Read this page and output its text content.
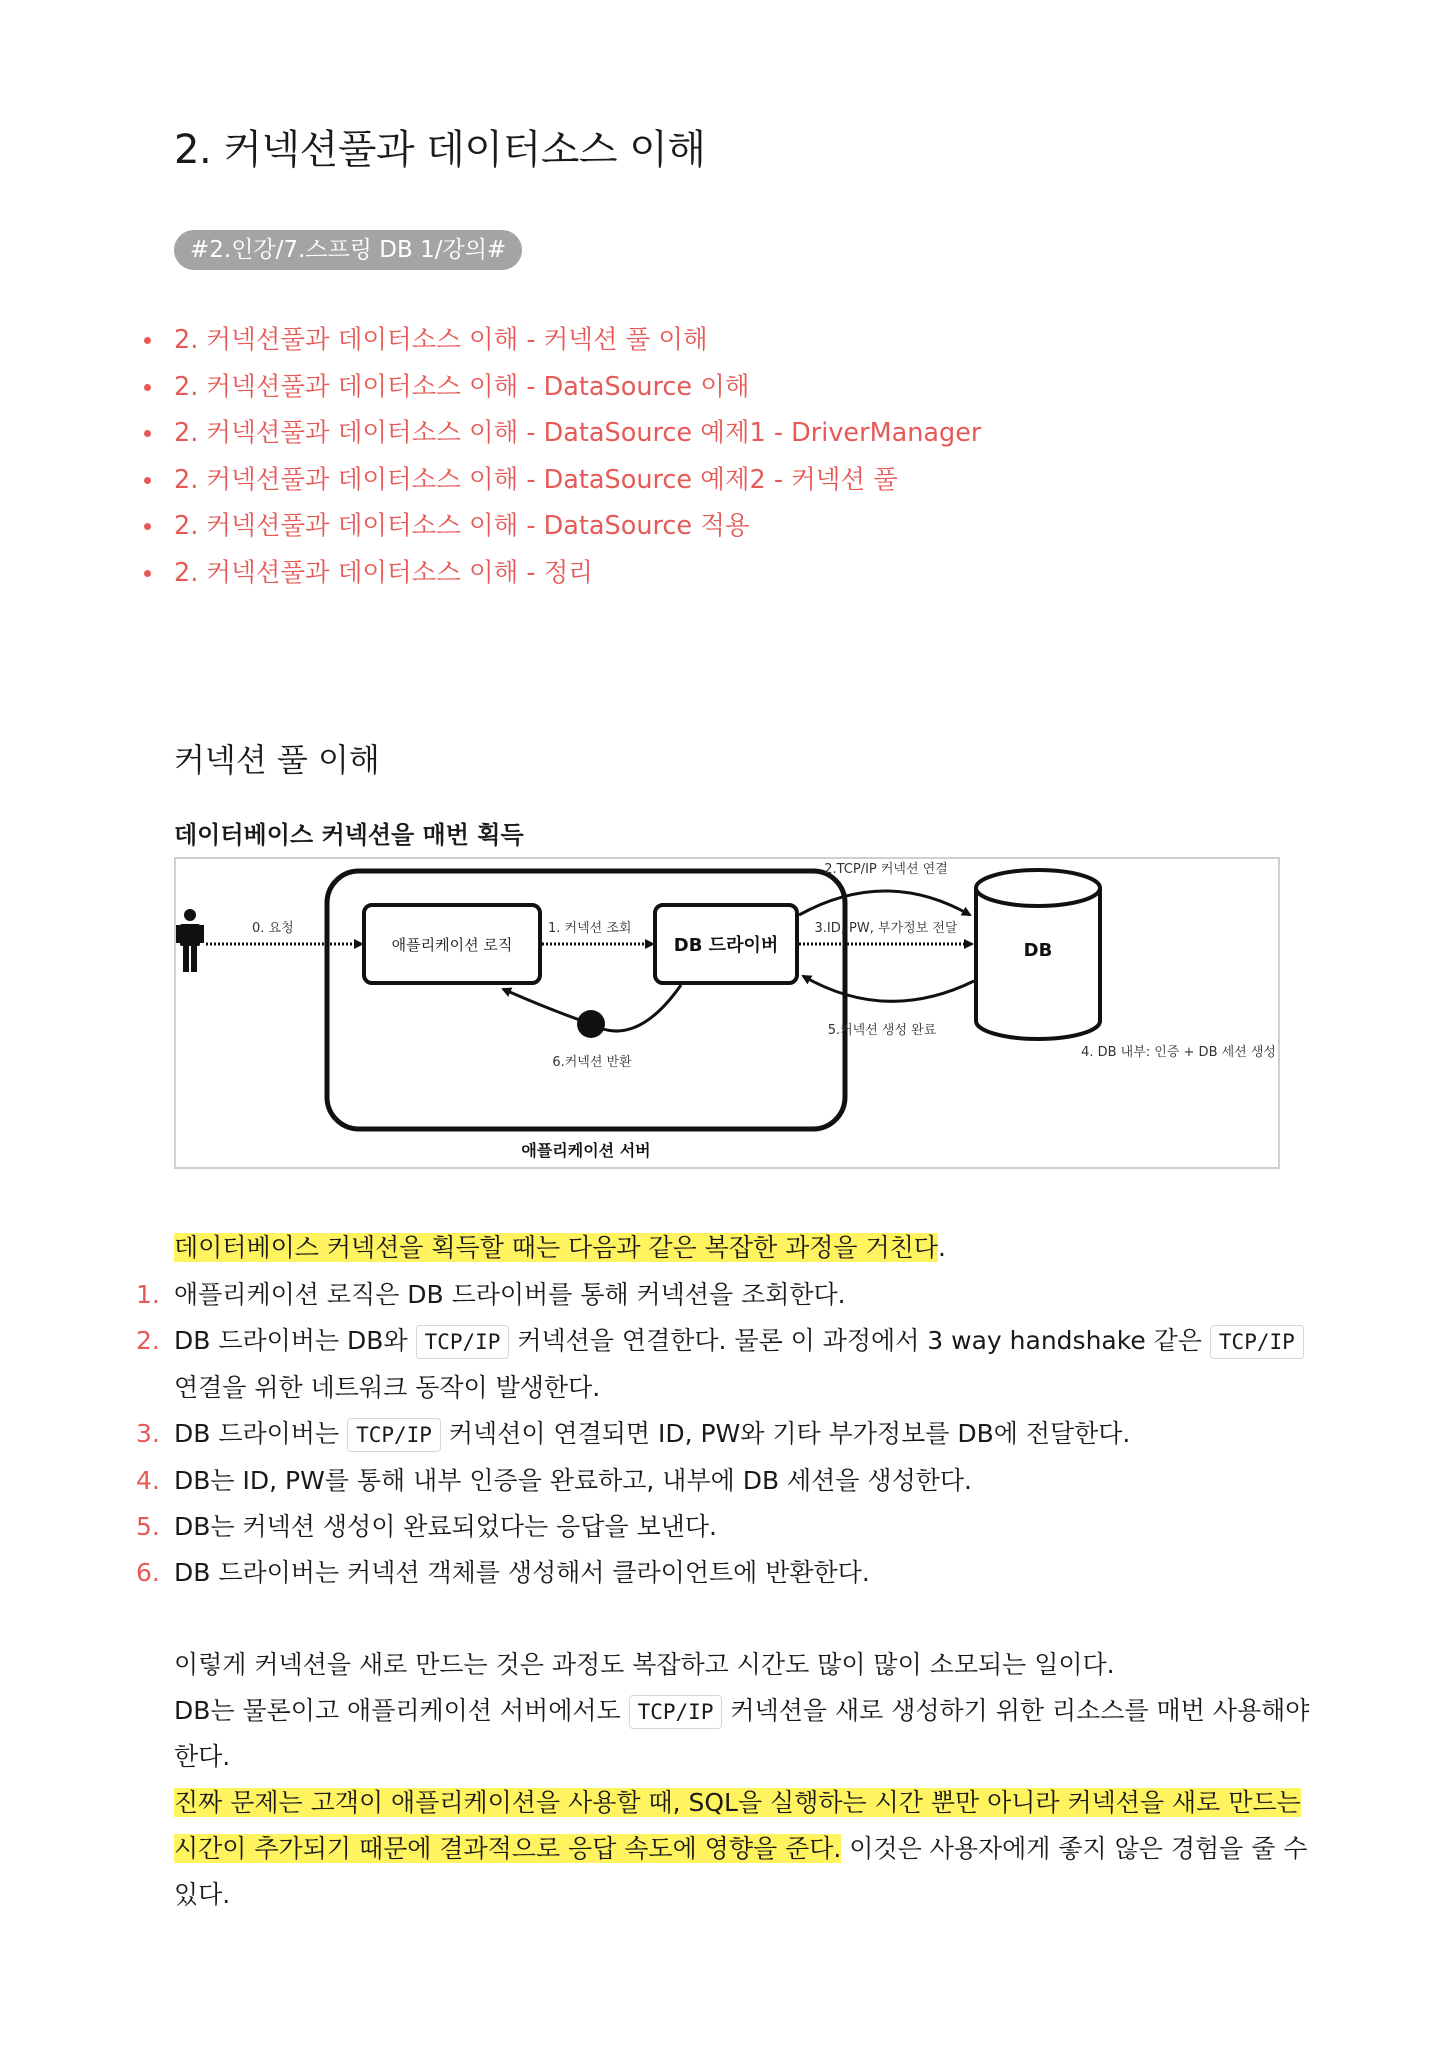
2. 커넥션풀과 데이터소스 이해
#2.인강/7.스프링 DB 1/강의#
2. 커넥션풀과 데이터소스 이해 - 커넥션 풀 이해
2. 커넥션풀과 데이터소스 이해 - DataSource 이해
2. 커넥션풀과 데이터소스 이해 - DataSource 예제1 - DriverManager
2. 커넥션풀과 데이터소스 이해 - DataSource 예제2 - 커넥션 풀
2. 커넥션풀과 데이터소스 이해 - DataSource 적용
2. 커넥션풀과 데이터소스 이해 - 정리
커넥션 풀 이해
데이터베이스 커넥션을 매번 획득
0. 요청
애플리케이션 로직
1. 커넥션 조회
DB 드라이버
2.TCP/IP 커넥션 연결
3.ID, PW, 부가정보 전달
DB
5.커넥션 생성 완료
4. DB 내부: 인증 + DB 세션 생성
6.커넥션 반환
애플리케이션 서버
데이터베이스 커넥션을 획득할 때는 다음과 같은 복잡한 과정을 거친다.
1. 애플리케이션 로직은 DB 드라이버를 통해 커넥션을 조회한다.
2. DB 드라이버는 DB와 TCP/IP 커넥션을 연결한다. 물론 이 과정에서 3 way handshake 같은 TCP/IP
연결을 위한 네트워크 동작이 발생한다.
3. DB 드라이버는 TCP/IP 커넥션이 연결되면 ID, PW와 기타 부가정보를 DB에 전달한다.
4. DB는 ID, PW를 통해 내부 인증을 완료하고, 내부에 DB 세션을 생성한다.
5. DB는 커넥션 생성이 완료되었다는 응답을 보낸다.
6. DB 드라이버는 커넥션 객체를 생성해서 클라이언트에 반환한다.
이렇게 커넥션을 새로 만드는 것은 과정도 복잡하고 시간도 많이 많이 소모되는 일이다.
DB는 물론이고 애플리케이션 서버에서도 TCP/IP 커넥션을 새로 생성하기 위한 리소스를 매번 사용해야
한다.
진짜 문제는 고객이 애플리케이션을 사용할 때, SQL을 실행하는 시간 뿐만 아니라 커넥션을 새로 만드는
시간이 추가되기 때문에 결과적으로 응답 속도에 영향을 준다. 이것은 사용자에게 좋지 않은 경험을 줄 수
있다.
